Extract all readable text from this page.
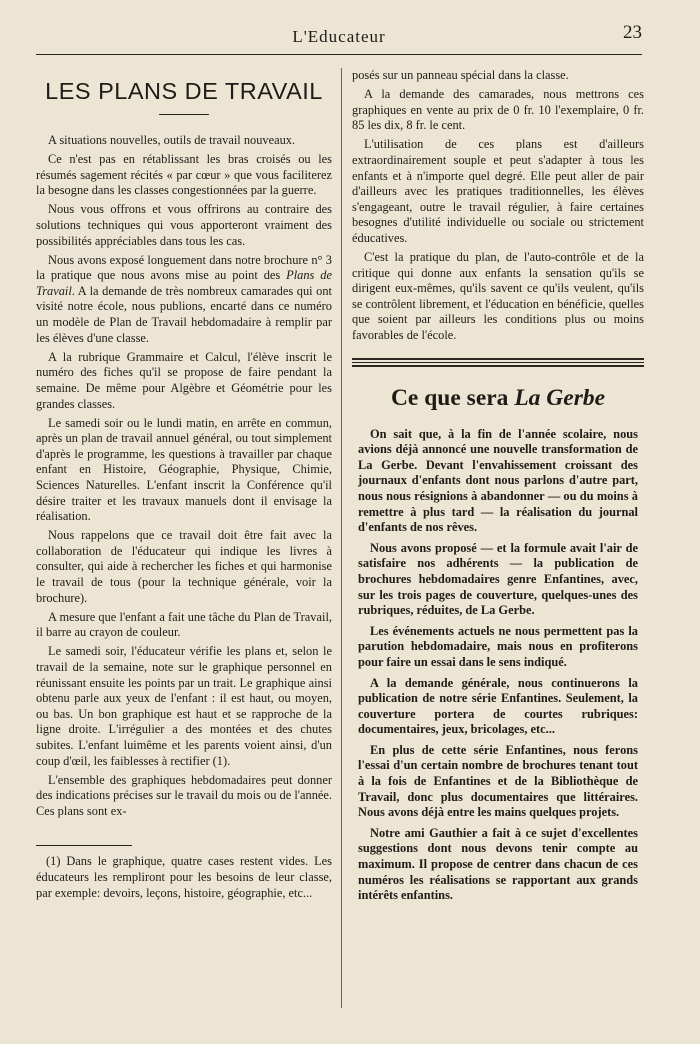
L'Educateur	23
LES PLANS DE TRAVAIL

A situations nouvelles, outils de travail nouveaux.

Ce n'est pas en rétablissant les bras croisés ou les résumés sagement récités « par cœur » que vous faciliterez la besogne dans les classes congestionnées par la guerre.

Nous vous offrons et vous offrirons au contraire des solutions techniques qui vous apporteront vraiment des possibilités appréciables dans tous les cas.

Nous avons exposé longuement dans notre brochure n° 3 la pratique que nous avons mise au point des Plans de Travail. A la demande de très nombreux camarades qui ont visité notre école, nous publions, encarté dans ce numéro un modèle de Plan de Travail hebdomadaire à remplir par les élèves d'une classe.

A la rubrique Grammaire et Calcul, l'élève inscrit le numéro des fiches qu'il se propose de faire pendant la semaine. De même pour Algèbre et Géométrie pour les grandes classes.

Le samedi soir ou le lundi matin, en arrête en commun, après un plan de travail annuel général, ou tout simplement d'après le programme, les questions à travailler par chaque enfant en Histoire, Géographie, Physique, Chimie, Sciences Naturelles. L'enfant inscrit la Conférence qu'il désire traiter et les travaux manuels dont il envisage la réalisation.

Nous rappelons que ce travail doit être fait avec la collaboration de l'éducateur qui indique les livres à consulter, qui aide à rechercher les fiches et qui harmonise le travail de tous (pour la technique générale, voir la brochure).

A mesure que l'enfant a fait une tâche du Plan de Travail, il barre au crayon de couleur.

Le samedi soir, l'éducateur vérifie les plans et, selon le travail de la semaine, note sur le graphique personnel en réunissant ensuite les points par un trait. Le graphique ainsi obtenu parle aux yeux de l'enfant : il est haut, ou moyen, ou bas. Un bon graphique est haut et se rapproche de la ligne droite. L'irrégulier a des montées et des chutes subites. L'enfant luimême et les parents voient ainsi, d'un coup d'œil, les faiblesses à rectifier (1).

L'ensemble des graphiques hebdomadaires peut donner des indications précises sur le travail du mois ou de l'année. Ces plans sont ex-

(1) Dans le graphique, quatre cases restent vides. Les éducateurs les rempliront pour les besoins de leur classe, par exemple: devoirs, leçons, histoire, géographie, etc...

posés sur un panneau spécial dans la classe.

A la demande des camarades, nous mettrons ces graphiques en vente au prix de 0 fr. 10 l'exemplaire, 0 fr. 85 les dix, 8 fr. le cent.

L'utilisation de ces plans est d'ailleurs extraordinairement souple et peut s'adapter à tous les enfants et à n'importe quel degré. Elle peut aller de pair d'ailleurs avec les pratiques traditionnelles, les élèves s'engageant, outre le travail régulier, à faire certaines besognes d'utilité individuelle ou sociale ou strictement éducatives.

C'est la pratique du plan, de l'auto-contrôle et de la critique qui donne aux enfants la sensation qu'ils se dirigent eux-mêmes, qu'ils savent ce qu'ils veulent, qu'ils se contrôlent librement, et l'éducation en bénéficie, quelles que soient par ailleurs les conditions plus ou moins favorables de l'école.

Ce que sera La Gerbe

On sait que, à la fin de l'année scolaire, nous avions déjà annoncé une nouvelle transformation de La Gerbe. Devant l'envahissement croissant des journaux d'enfants dont nous parlons d'autre part, nous nous résignions à abandonner — ou du moins à remettre à plus tard — la réalisation du journal d'enfants de nos rêves.

Nous avons proposé — et la formule avait l'air de satisfaire nos adhérents — la publication de brochures hebdomadaires genre Enfantines, avec, sur les trois pages de couverture, quelques-unes des rubriques, réduites, de La Gerbe.

Les événements actuels ne nous permettent pas la parution hebdomadaire, mais nous en profiterons pour faire un essai dans le sens indiqué.

A la demande générale, nous continuerons la publication de notre série Enfantines. Seulement, la couverture portera de courtes rubriques: documentaires, jeux, bricolages, etc...

En plus de cette série Enfantines, nous ferons l'essai d'un certain nombre de brochures tenant tout à la fois de Enfantines et de la Bibliothèque de Travail, donc plus documentaires que littéraires. Nous avons déjà entre les mains quelques projets.

Notre ami Gauthier a fait à ce sujet d'excellentes suggestions dont nous devons tenir compte au maximum. Il propose de centrer dans chacun de ces numéros les réalisations se rapportant aux grands intérêts enfantins.
